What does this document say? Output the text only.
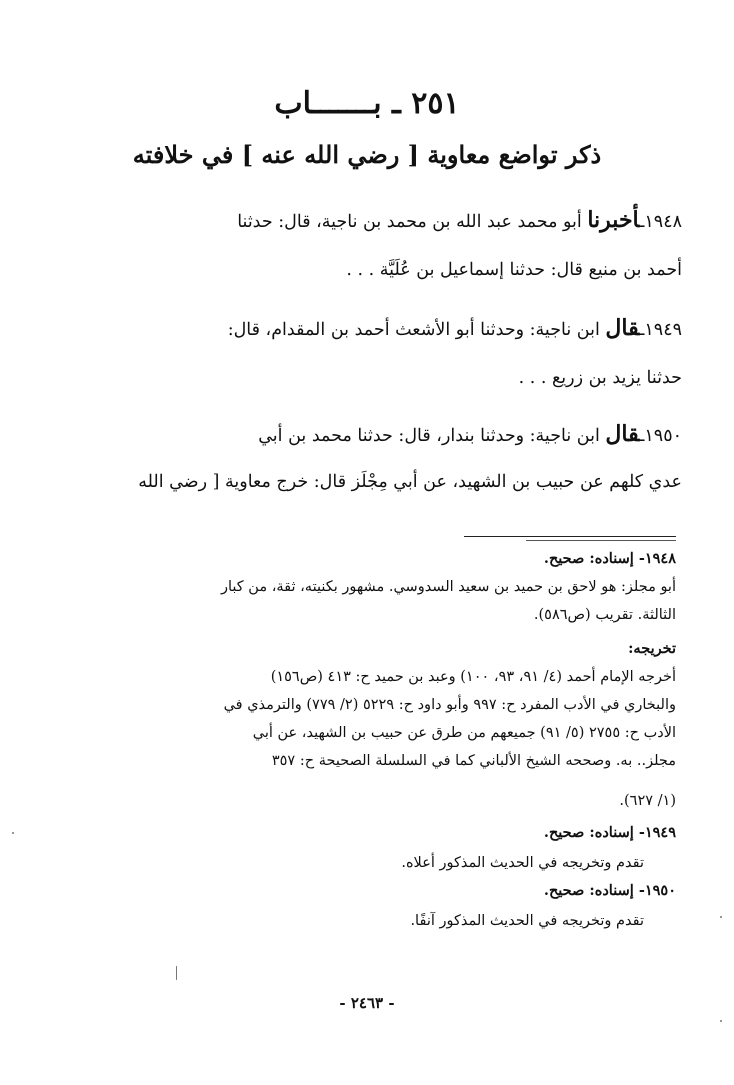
٢٥١ ـ بـــــــاب
ذكر تواضع معاوية [ رضي الله عنه ] في خلافته
١٩٤٨ـأخبرنا أبو محمد عبد الله بن محمد بن ناجية، قال: حدثنا
أحمد بن منيع قال: حدثنا إسماعيل بن عُلَيَّة . . .
١٩٤٩ـقال ابن ناجية: وحدثنا أبو الأشعث أحمد بن المقدام، قال:
حدثنا يزيد بن زريع . . .
١٩٥٠ـقال ابن ناجية: وحدثنا بندار، قال: حدثنا محمد بن أبي
عدي كلهم عن حبيب بن الشهيد، عن أبي مِجْلَز قال: خرج معاوية [ رضي الله
١٩٤٨- إسناده: صحيح.
أبو مجلز: هو لاحق بن حميد بن سعيد السدوسي. مشهور بكنيته، ثقة، من كبار
الثالثة. تقريب (ص٥٨٦).
تخريجه:
أخرجه الإمام أحمد (٤/ ٩١، ٩٣، ١٠٠) وعبد بن حميد ح: ٤١٣ (ص١٥٦)
والبخاري في الأدب المفرد ح: ٩٩٧ وأبو داود ح: ٥٢٢٩ (٢/ ٧٧٩) والترمذي في
الأدب ح: ٢٧٥٥ (٥/ ٩١) جميعهم من طرق عن حبيب بن الشهيد، عن أبي
مجلز.. به. وصححه الشيخ الألباني كما في السلسلة الصحيحة ح: ٣٥٧
(١/ ٦٢٧).
١٩٤٩- إسناده: صحيح.
تقدم وتخريجه في الحديث المذكور أعلاه.
١٩٥٠- إسناده: صحيح.
تقدم وتخريجه في الحديث المذكور آنفًا.
- ٢٤٦٣ -
